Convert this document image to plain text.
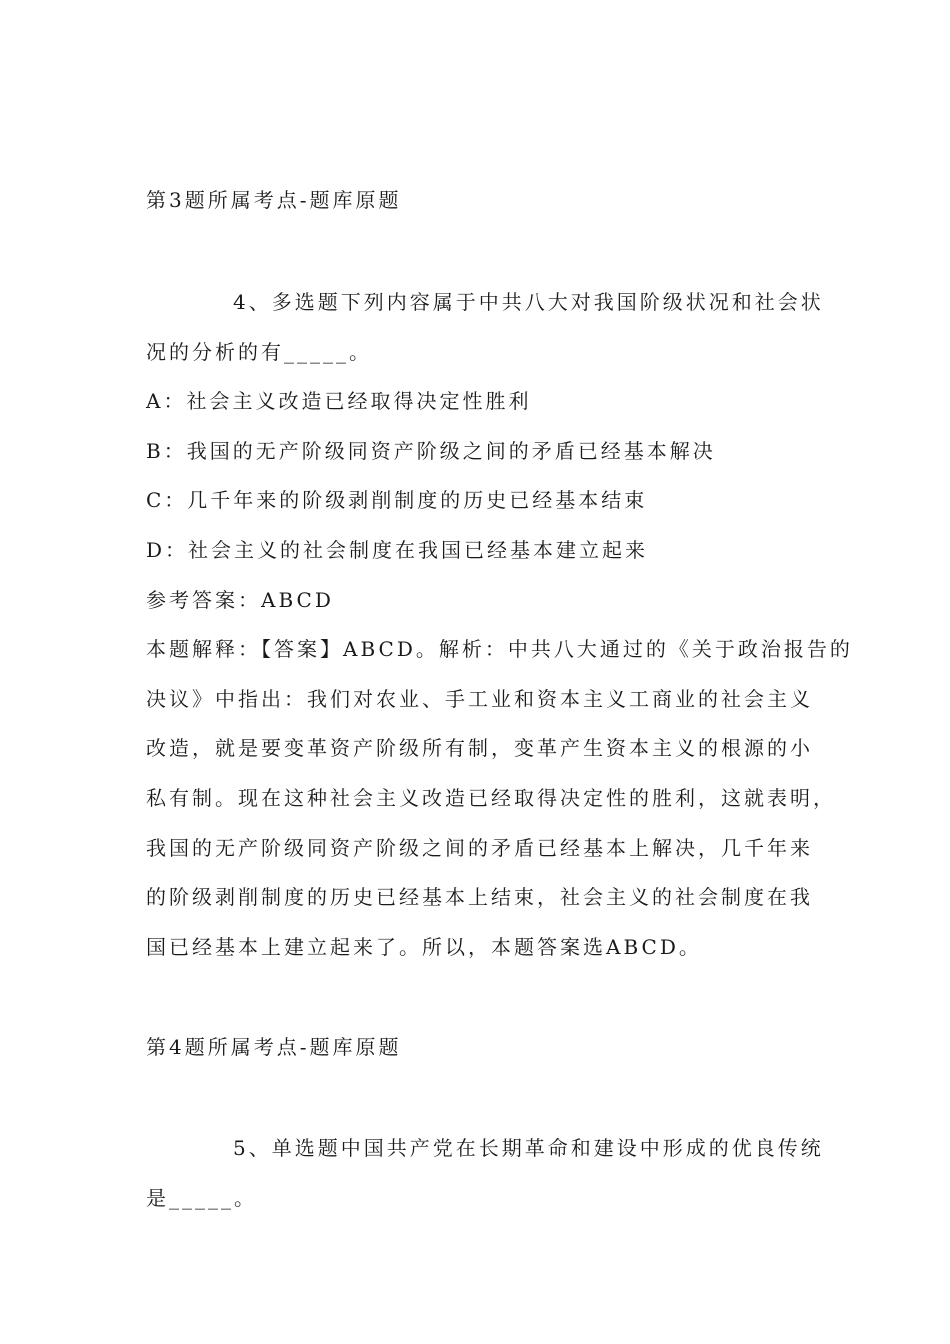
第3题所属考点-题库原题
4、多选题下列内容属于中共八大对我国阶级状况和社会状
况的分析的有_____。
A：社会主义改造已经取得决定性胜利
B：我国的无产阶级同资产阶级之间的矛盾已经基本解决
C：几千年来的阶级剥削制度的历史已经基本结束
D：社会主义的社会制度在我国已经基本建立起来
参考答案：ABCD
本题解释：【答案】ABCD。解析：中共八大通过的《关于政治报告的
决议》中指出：我们对农业、手工业和资本主义工商业的社会主义
改造，就是要变革资产阶级所有制，变革产生资本主义的根源的小
私有制。现在这种社会主义改造已经取得决定性的胜利，这就表明，
我国的无产阶级同资产阶级之间的矛盾已经基本上解决，几千年来
的阶级剥削制度的历史已经基本上结束，社会主义的社会制度在我
国已经基本上建立起来了。所以，本题答案选ABCD。
第4题所属考点-题库原题
5、单选题中国共产党在长期革命和建设中形成的优良传统
是_____。
